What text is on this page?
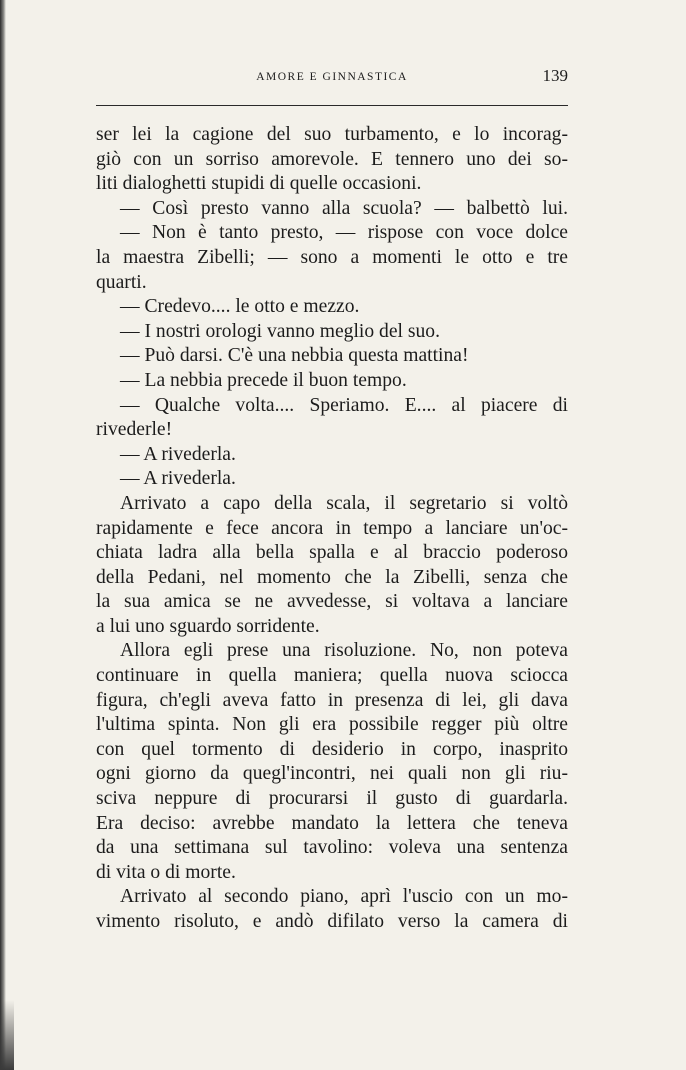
AMORE E GINNASTICA	139
ser lei la cagione del suo turbamento, e lo incorag-
giò con un sorriso amorevole. E tennero uno dei so-
liti dialoghetti stupidi di quelle occasioni.
— Così presto vanno alla scuola? — balbettò lui.
— Non è tanto presto, — rispose con voce dolce
la maestra Zibelli; — sono a momenti le otto e tre
quarti.
— Credevo.... le otto e mezzo.
— I nostri orologi vanno meglio del suo.
— Può darsi. C'è una nebbia questa mattina!
— La nebbia precede il buon tempo.
— Qualche volta.... Speriamo. E.... al piacere di
rivederle!
— A rivederla.
— A rivederla.
Arrivato a capo della scala, il segretario si voltò
rapidamente e fece ancora in tempo a lanciare un'oc-
chiata ladra alla bella spalla e al braccio poderoso
della Pedani, nel momento che la Zibelli, senza che
la sua amica se ne avvedesse, si voltava a lanciare
a lui uno sguardo sorridente.
Allora egli prese una risoluzione. No, non poteva
continuare in quella maniera; quella nuova sciocca
figura, ch'egli aveva fatto in presenza di lei, gli dava
l'ultima spinta. Non gli era possibile regger più oltre
con quel tormento di desiderio in corpo, inasprito
ogni giorno da quegl'incontri, nei quali non gli riu-
sciva neppure di procurarsi il gusto di guardarla.
Era deciso: avrebbe mandato la lettera che teneva
da una settimana sul tavolino: voleva una sentenza
di vita o di morte.
Arrivato al secondo piano, aprì l'uscio con un mo-
vimento risoluto, e andò difilato verso la camera di
